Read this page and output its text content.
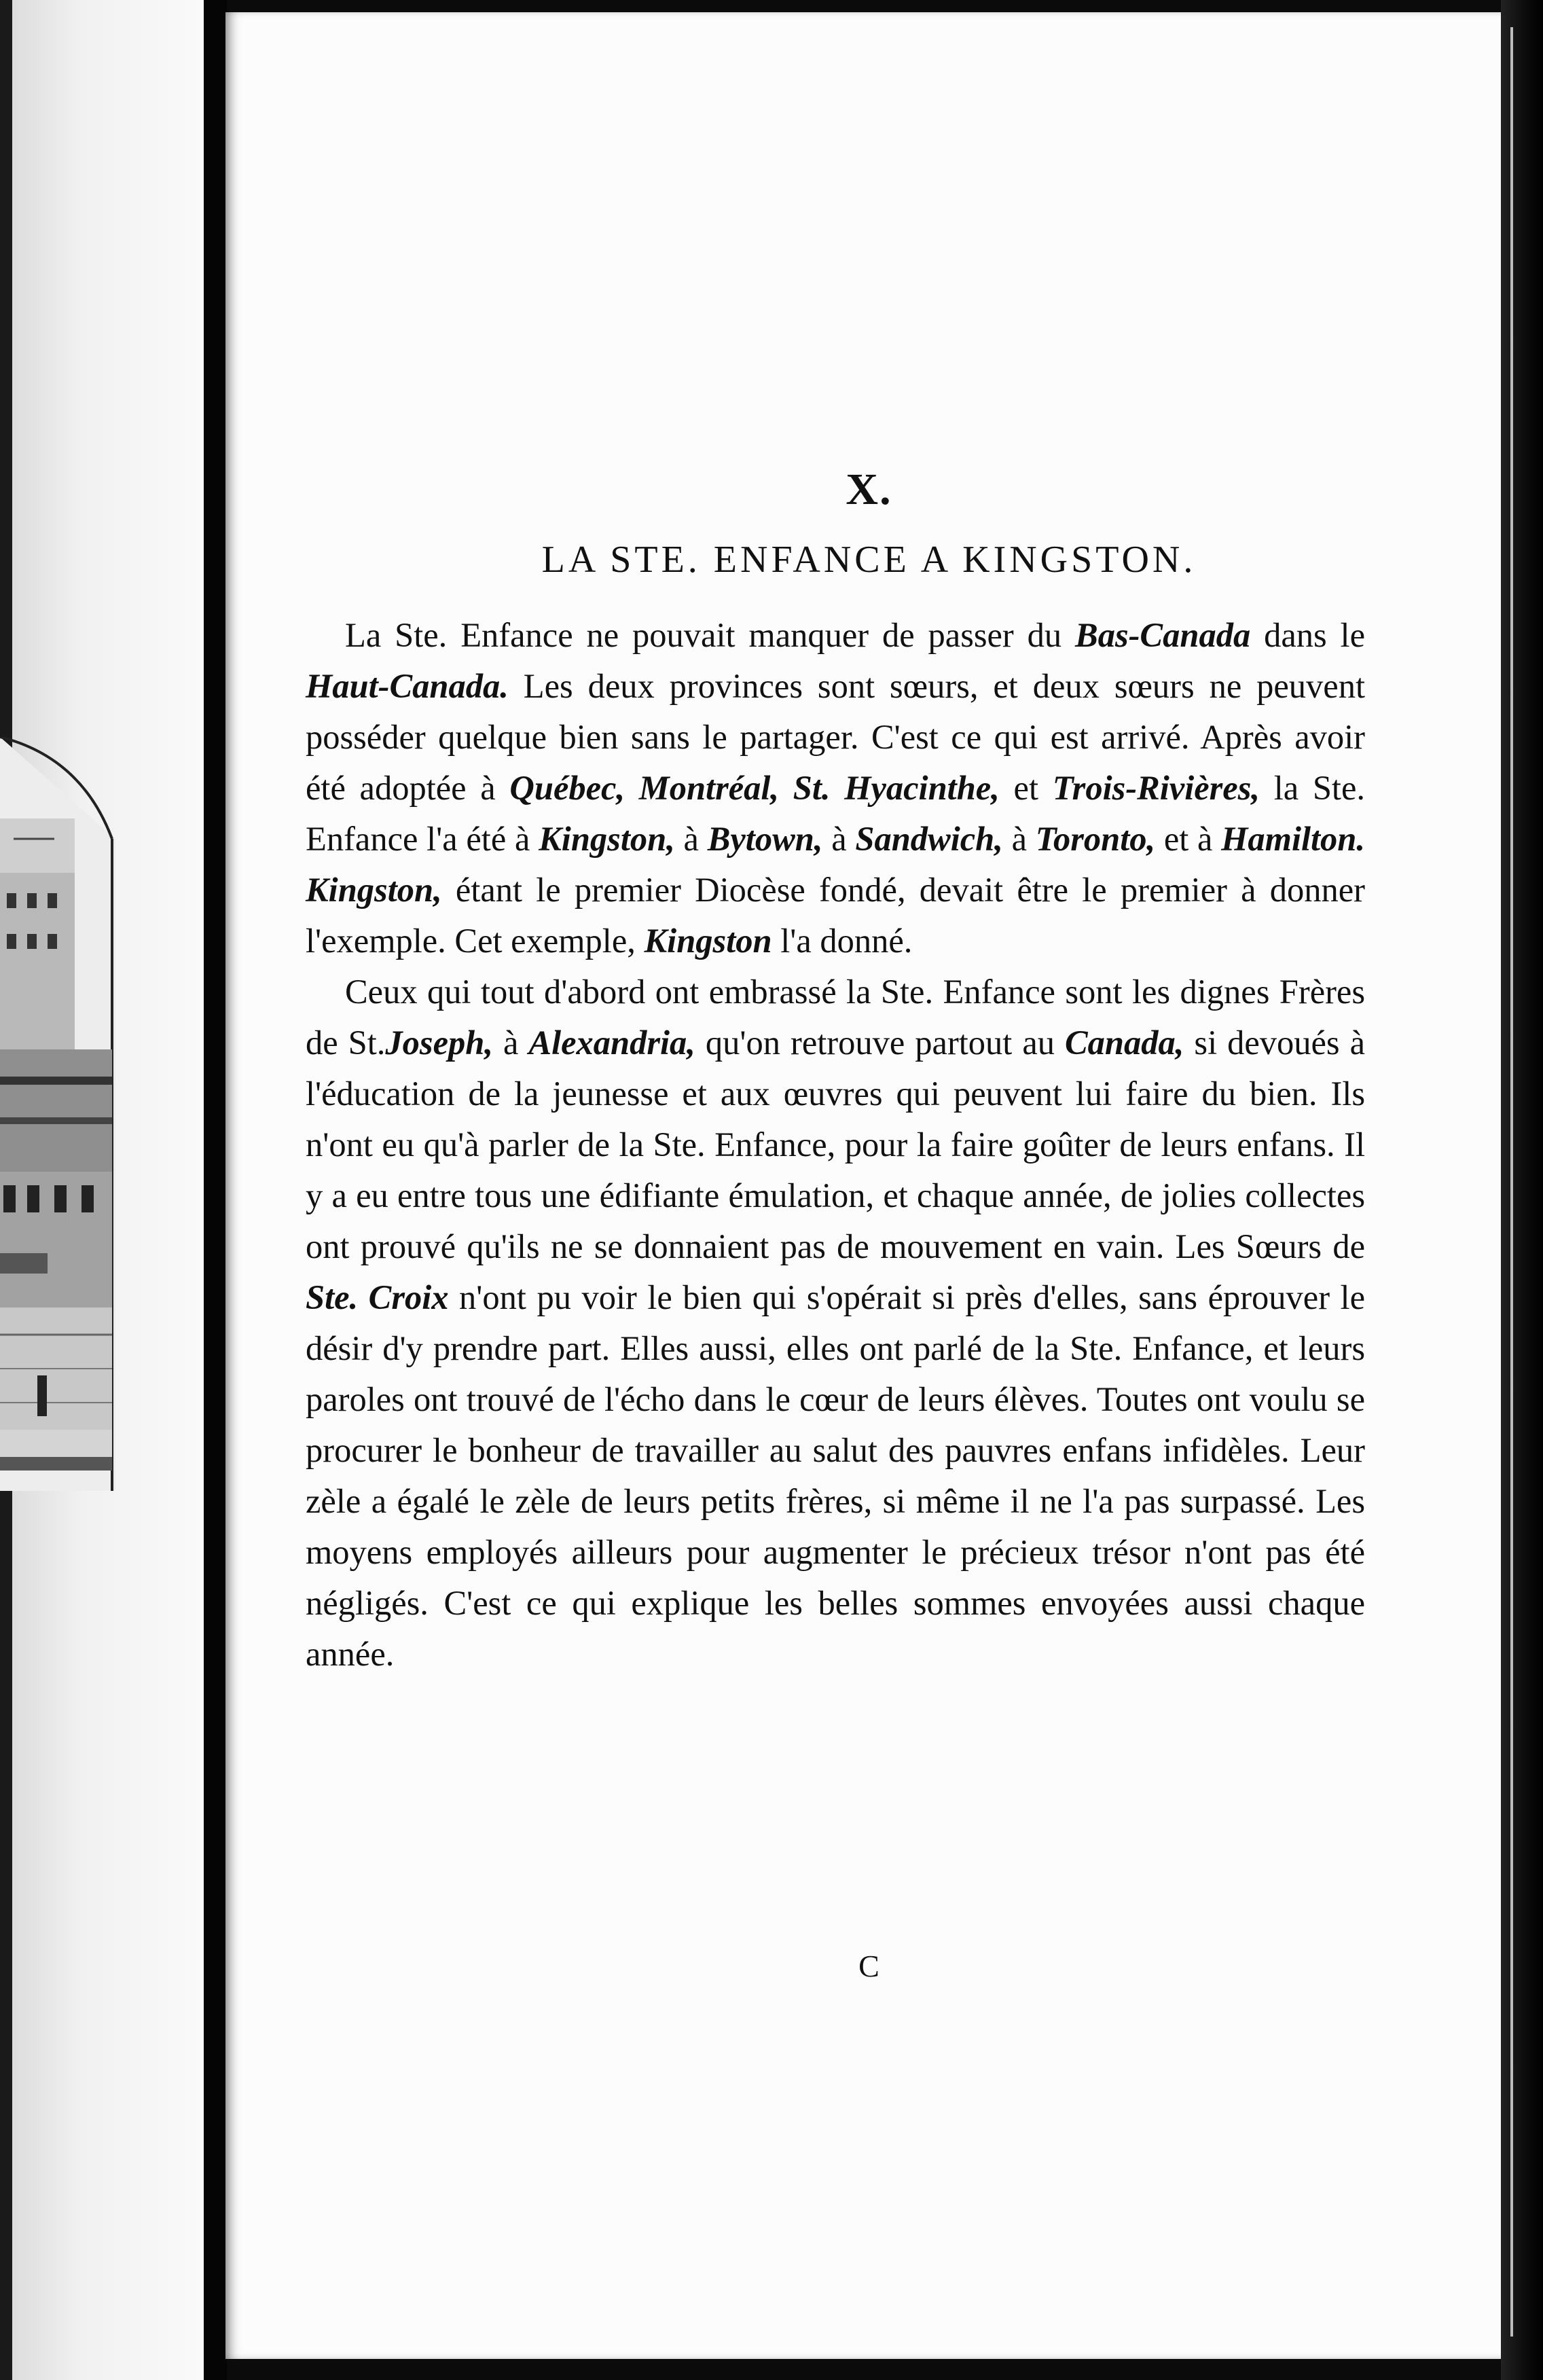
X.
LA STE. ENFANCE A KINGSTON.

La Ste. Enfance ne pouvait manquer de passer du Bas-Canada dans le Haut-Canada. Les deux provinces sont sœurs, et deux sœurs ne peuvent posséder quelque bien sans le partager. C'est ce qui est arrivé. Après avoir été adoptée à Québec, Montréal, St. Hyacinthe, et Trois-Rivières, la Ste. Enfance l'a été à Kingston, à Bytown, à Sandwich, à Toronto, et à Hamilton. Kingston, étant le premier Diocèse fondé, devait être le premier à donner l'exemple. Cet exemple, Kingston l'a donné.

Ceux qui tout d'abord ont embrassé la Ste. Enfance sont les dignes Frères de St.Joseph, à Alexandria, qu'on retrouve partout au Canada, si devoués à l'éducation de la jeunesse et aux œuvres qui peuvent lui faire du bien. Ils n'ont eu qu'à parler de la Ste. Enfance, pour la faire goûter de leurs enfans. Il y a eu entre tous une édifiante émulation, et chaque année, de jolies collectes ont prouvé qu'ils ne se donnaient pas de mouvement en vain. Les Sœurs de Ste. Croix n'ont pu voir le bien qui s'opérait si près d'elles, sans éprouver le désir d'y prendre part. Elles aussi, elles ont parlé de la Ste. Enfance, et leurs paroles ont trouvé de l'écho dans le cœur de leurs élèves. Toutes ont voulu se procurer le bonheur de travailler au salut des pauvres enfans infidèles. Leur zèle a égalé le zèle de leurs petits frères, si même il ne l'a pas surpassé. Les moyens employés ailleurs pour augmenter le précieux trésor n'ont pas été négligés. C'est ce qui explique les belles sommes envoyées aussi chaque année.

C
